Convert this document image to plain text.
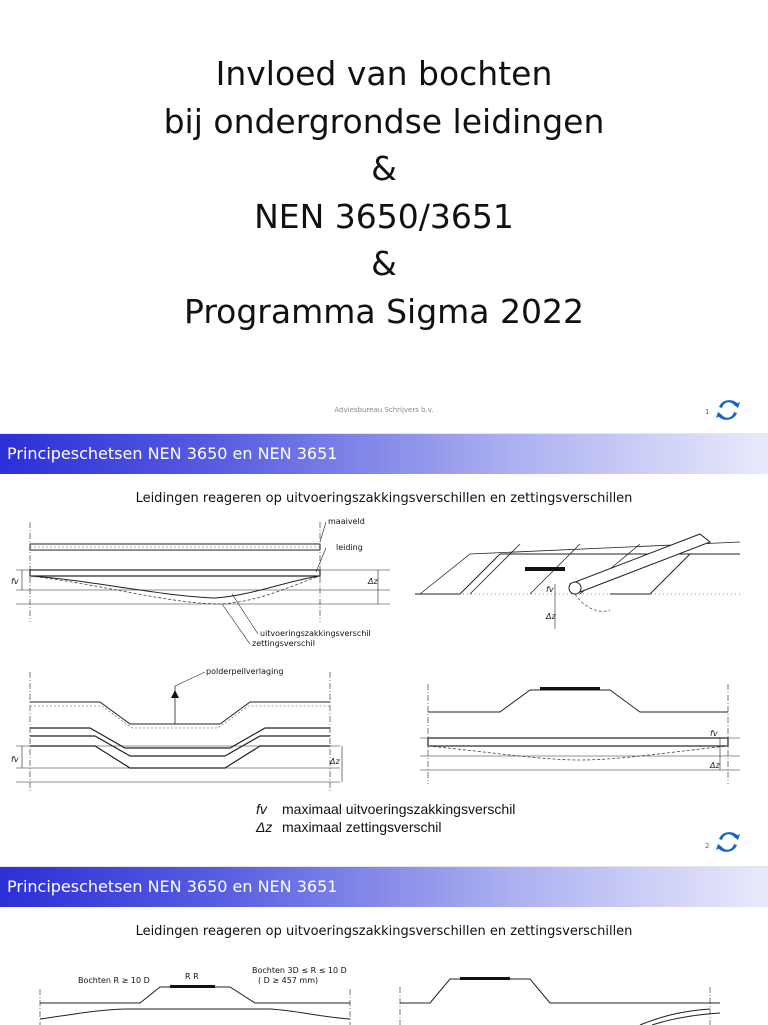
Invloed van bochten
bij ondergrondse leidingen
&
NEN 3650/3651
&
Programma Sigma 2022
Adviesbureau Schrijvers b.v.	1
Principeschetsen NEN 3650 en NEN 3651
Leidingen reageren op uitvoeringszakkingsverschillen en zettingsverschillen
maaiveld
leiding
uitvoeringszakkingsverschil
zettingsverschil
fv	Δz
Δz
fv
polderpeilverlaging
fv	Δz
fv
Δz
fv	maximaal uitvoeringszakkingsverschil
Δz maximaal zettingsverschil
2
Principeschetsen NEN 3650 en NEN 3651
Leidingen reageren op uitvoeringszakkingsverschillen en zettingsverschillen
Bochten R ≥ 10 D
Bochten 3D ≤ R ≤ 10 D
( D ≥ 457 mm)
R R
